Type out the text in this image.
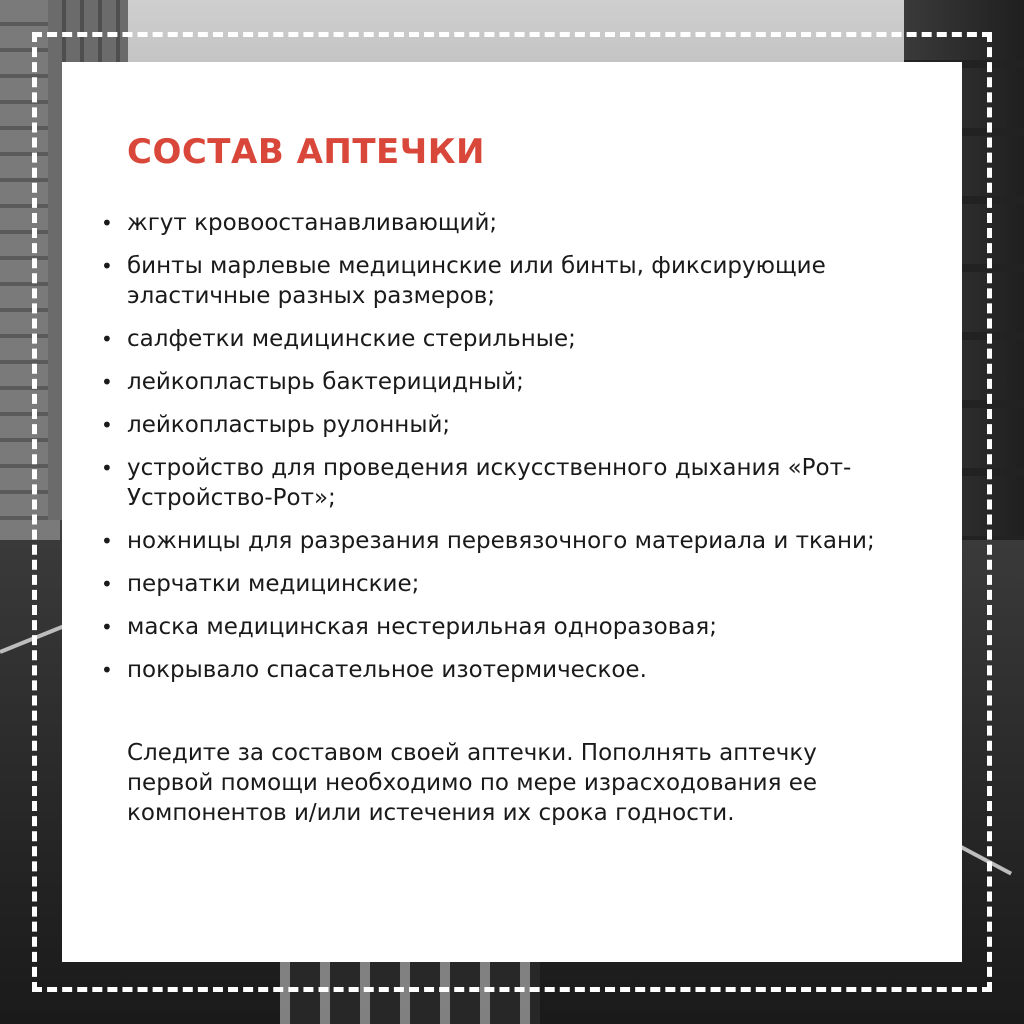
СОСТАВ АПТЕЧКИ
• жгут кровоостанавливающий;
• бинты марлевые медицинские или бинты, фиксирующие эластичные разных размеров;
• салфетки медицинские стерильные;
• лейкопластырь бактерицидный;
• лейкопластырь рулонный;
• устройство для проведения искусственного дыхания «Рот-Устройство-Рот»;
• ножницы для разрезания перевязочного материала и ткани;
• перчатки медицинские;
• маска медицинская нестерильная одноразовая;
• покрывало спасательное изотермическое.

Следите за составом своей аптечки. Пополнять аптечку первой помощи необходимо по мере израсходования ее компонентов и/или истечения их срока годности.
